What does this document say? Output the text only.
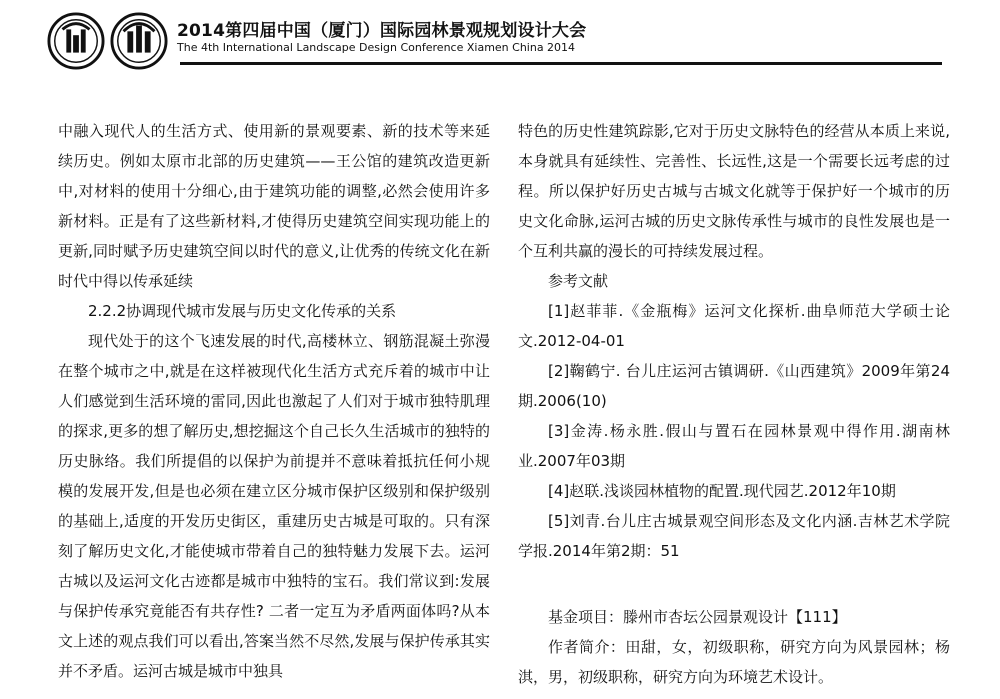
2014第四届中国（厦门）国际园林景观规划设计大会
The 4th International Landscape Design Conference Xiamen China 2014

中融入现代人的生活方式、使用新的景观要素、新的技术等来延续历史。例如太原市北部的历史建筑——王公馆的建筑改造更新中,对材料的使用十分细心,由于建筑功能的调整,必然会使用许多新材料。正是有了这些新材料,才使得历史建筑空间实现功能上的更新,同时赋予历史建筑空间以时代的意义,让优秀的传统文化在新时代中得以传承延续

2.2.2协调现代城市发展与历史文化传承的关系

现代处于的这个飞速发展的时代,高楼林立、钢筋混凝土弥漫在整个城市之中,就是在这样被现代化生活方式充斥着的城市中让人们感觉到生活环境的雷同,因此也激起了人们对于城市独特肌理的探求,更多的想了解历史,想挖掘这个自己长久生活城市的独特的历史脉络。我们所提倡的以保护为前提并不意味着抵抗任何小规模的发展开发,但是也必须在建立区分城市保护区级别和保护级别的基础上,适度的开发历史街区，重建历史古城是可取的。只有深刻了解历史文化,才能使城市带着自己的独特魅力发展下去。运河古城以及运河文化古迹都是城市中独特的宝石。我们常议到:发展与保护传承究竟能否有共存性? 二者一定互为矛盾两面体吗?从本文上述的观点我们可以看出,答案当然不尽然,发展与保护传承其实并不矛盾。运河古城是城市中独具

特色的历史性建筑踪影,它对于历史文脉特色的经营从本质上来说,本身就具有延续性、完善性、长远性,这是一个需要长远考虑的过程。所以保护好历史古城与古城文化就等于保护好一个城市的历史文化命脉,运河古城的历史文脉传承性与城市的良性发展也是一个互利共赢的漫长的可持续发展过程。

参考文献

[1]赵菲菲.《金瓶梅》运河文化探析.曲阜师范大学硕士论文.2012-04-01

[2]鞠鹤宁. 台儿庄运河古镇调研.《山西建筑》2009年第24期.2006(10)

[3]金涛.杨永胜.假山与置石在园林景观中得作用.湖南林业.2007年03期

[4]赵联.浅谈园林植物的配置.现代园艺.2012年10期

[5]刘青.台儿庄古城景观空间形态及文化内涵.吉林艺术学院学报.2014年第2期：51

基金项目：滕州市杏坛公园景观设计【111】

作者简介：田甜，女，初级职称，研究方向为风景园林；杨淇，男，初级职称，研究方向为环境艺术设计。
